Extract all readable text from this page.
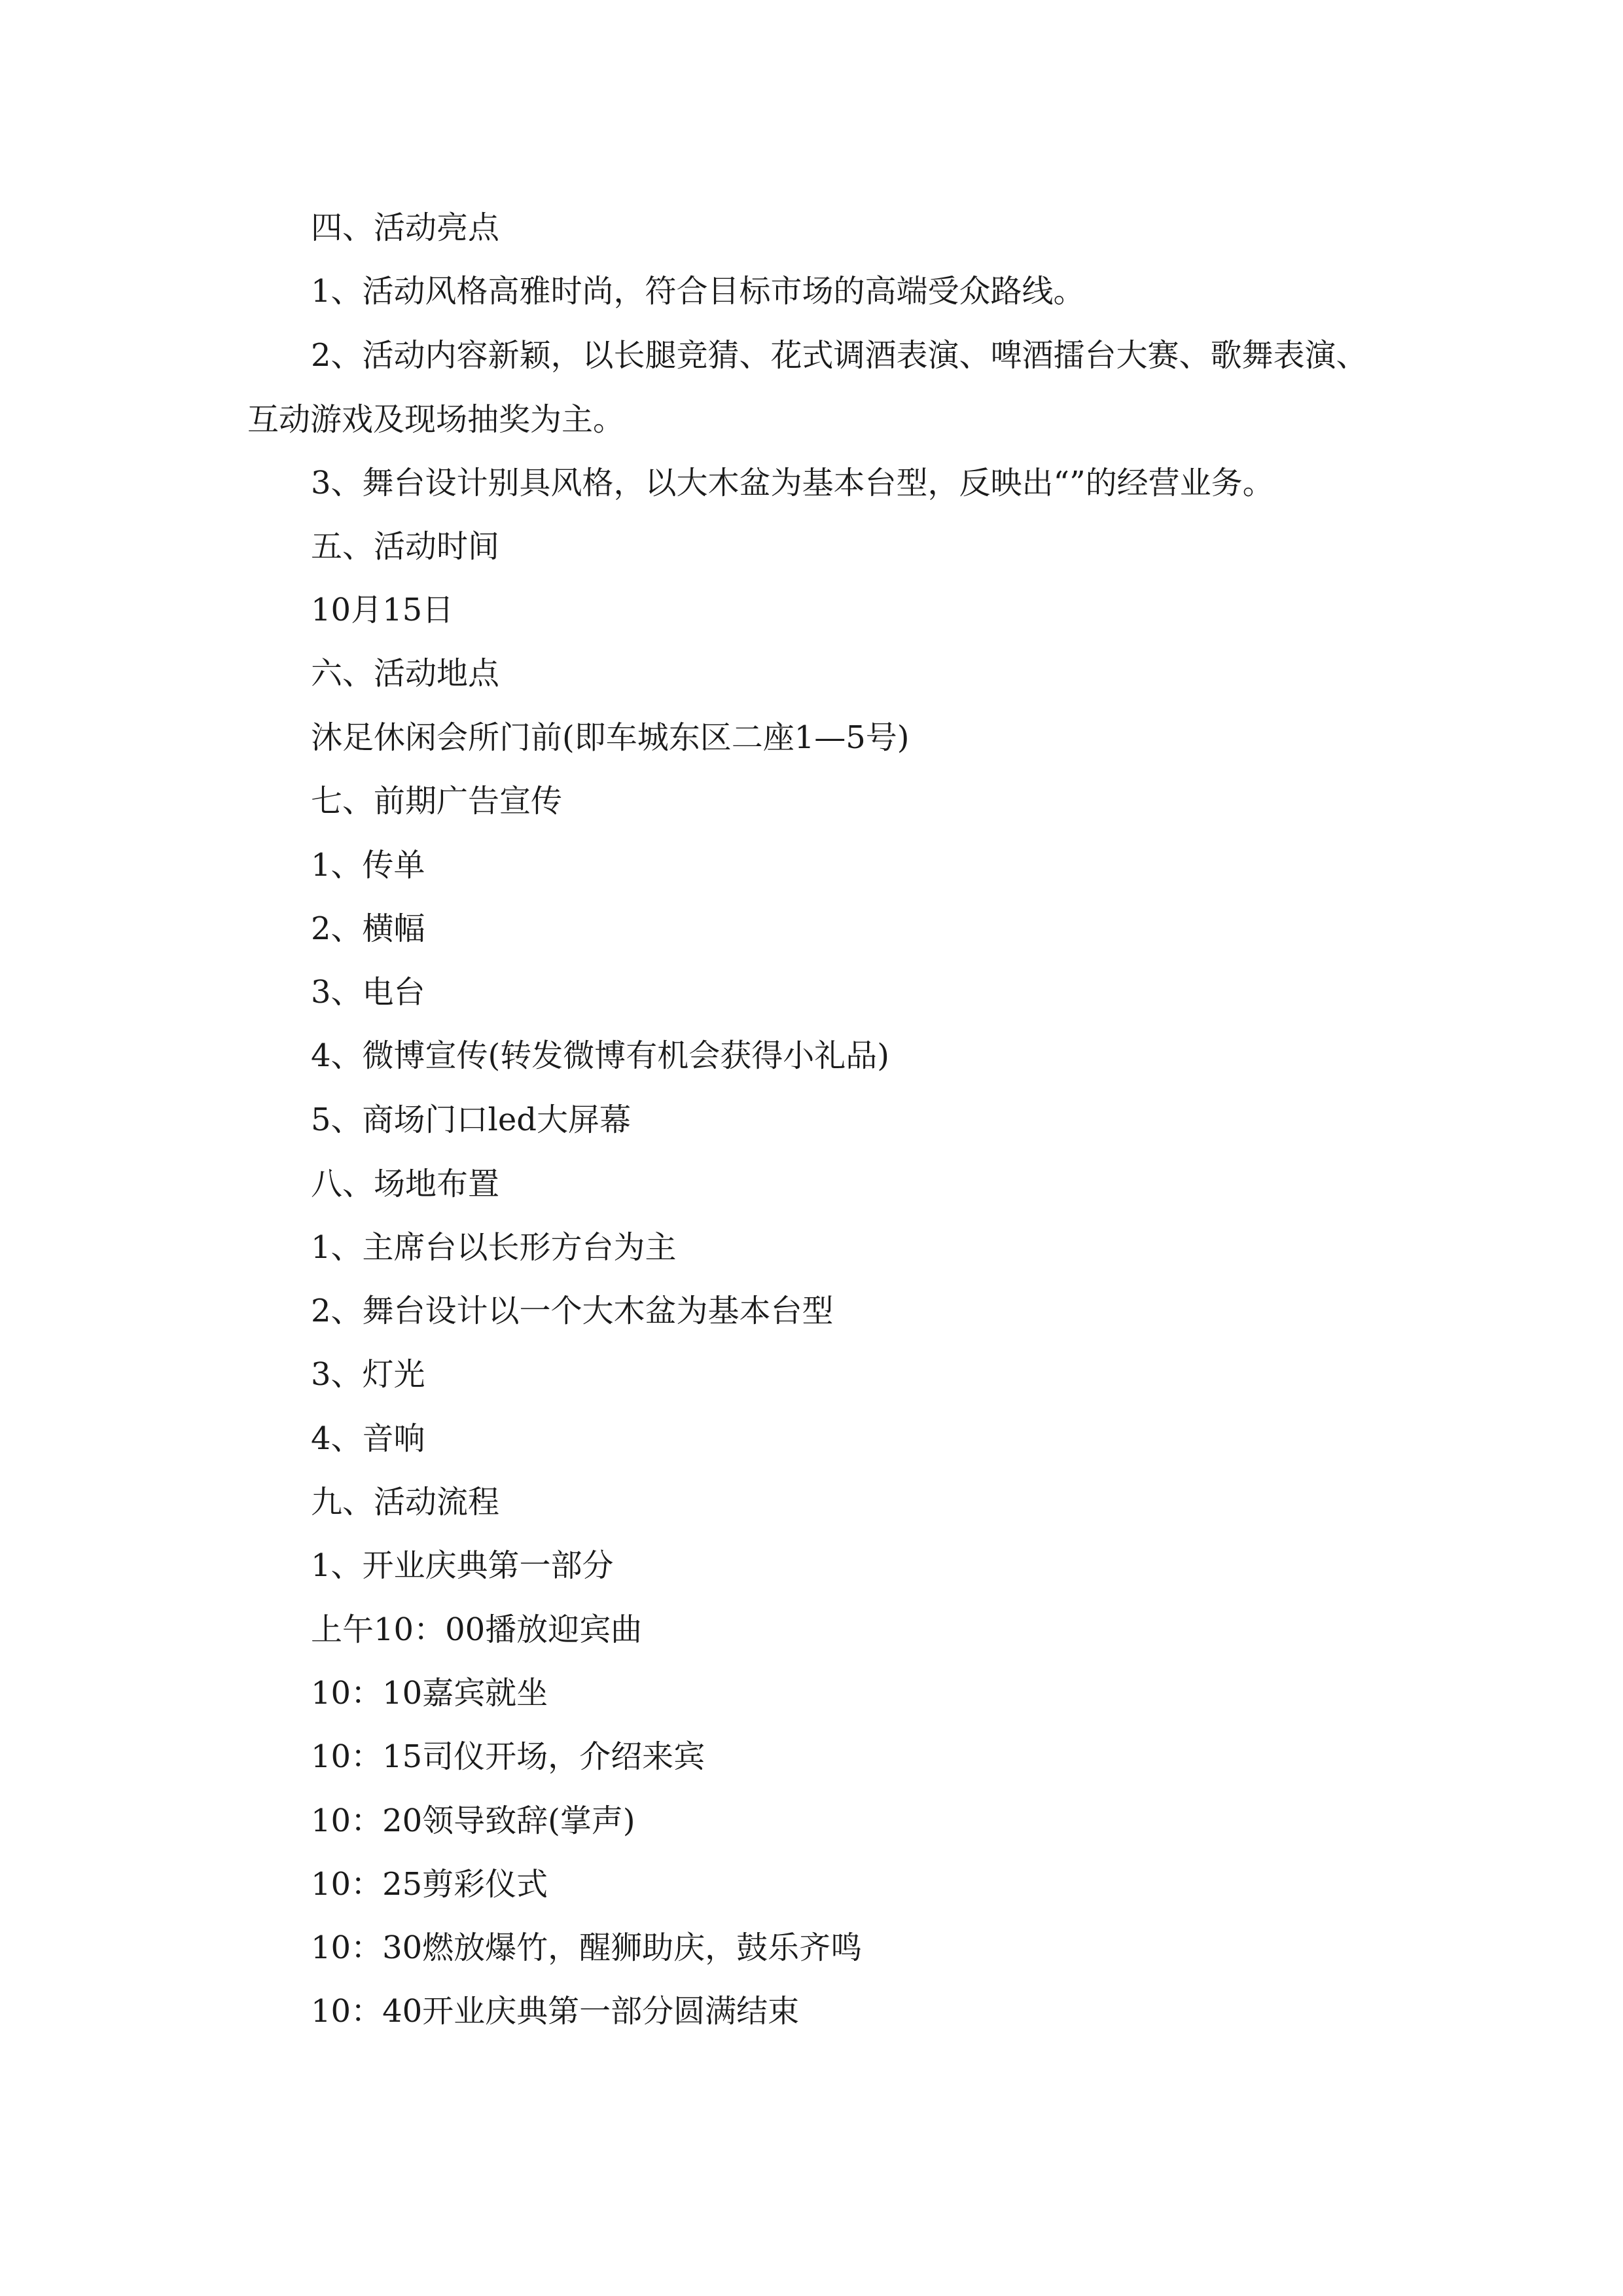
四、活动亮点
1、活动风格高雅时尚，符合目标市场的高端受众路线。
2、活动内容新颖，以长腿竞猜、花式调酒表演、啤酒擂台大赛、歌舞表演、
互动游戏及现场抽奖为主。
3、舞台设计别具风格，以大木盆为基本台型，反映出“”的经营业务。
五、活动时间
10月15日
六、活动地点
沐足休闲会所门前(即车城东区二座1—5号)
七、前期广告宣传
1、传单
2、横幅
3、电台
4、微博宣传(转发微博有机会获得小礼品)
5、商场门口led大屏幕
八、场地布置
1、主席台以长形方台为主
2、舞台设计以一个大木盆为基本台型
3、灯光
4、音响
九、活动流程
1、开业庆典第一部分
上午10：00播放迎宾曲
10：10嘉宾就坐
10：15司仪开场，介绍来宾
10：20领导致辞(掌声)
10：25剪彩仪式
10：30燃放爆竹，醒狮助庆，鼓乐齐鸣
10：40开业庆典第一部分圆满结束
